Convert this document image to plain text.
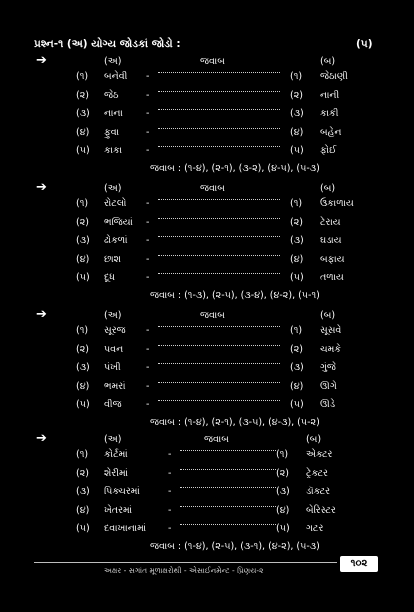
પ્રશ્ન-૧ (અ) યોગ્ય જોડકાં જોડો :	(૫)
➔	(અ)	જવાબ	(બ)
(૧) બનેવી -	(૧) જેઠાણી
(૨) જેઠ	-	(૨) નાની
(૩) નાના -	(૩) કાકી
(૪) ફુવા	-	(૪) બહેન
(૫) કાકા	-	(૫) ફોઈ
જવાબ : (૧-૪), (૨-૧), (૩-૨), (૪-૫), (૫-૩)
➔	(અ)	જવાબ	(બ)
(૧) રોટલો -	(૧) ઉકાળાય
(૨) ભજિયાં -	(૨) ટેરાય
(૩) ઢોકળાં -	(૩) ઘડાય
(૪) છાશ	-	(૪) બફાય
(૫) દૂધ	-	(૫) તળાય
જવાબ : (૧-૩), (૨-૫), (૩-૪), (૪-૨), (૫-૧)
➔	(અ)	જવાબ	(બ)
(૧) સૂરજ -	(૧) સૂસવે
(૨) પવન -	(૨) ચમકે
(૩) પંખી	-	(૩) ગુંજે
(૪) ભમરાં -	(૪) ઊગે
(૫) વીજ	-	(૫) ઊડે
જવાબ : (૧-૪), (૨-૧), (૩-૫), (૪-૩), (૫-૨)
➔	(અ)	જવાબ	(બ)
(૧) કોર્ટમાં	-	(૧) એક્ટર
(૨) શેરીમાં	-	(૨) ટ્રેક્ટર
(૩) પિક્ચરમાં	-	(૩) ડૉક્ટર
(૪) ખેતરમાં	-	(૪) બેરિસ્ટર
(૫) દવાખાનામાં -	(૫) ગટર
જવાબ : (૧-૪), (૨-૫), (૩-૧), (૪-૨), (૫-૩)
અક્ષર - સગાંત મૂળાક્ષરોથી - એસાઈનમેન્ટ - પ્રિણય-૨
૧૦૨
